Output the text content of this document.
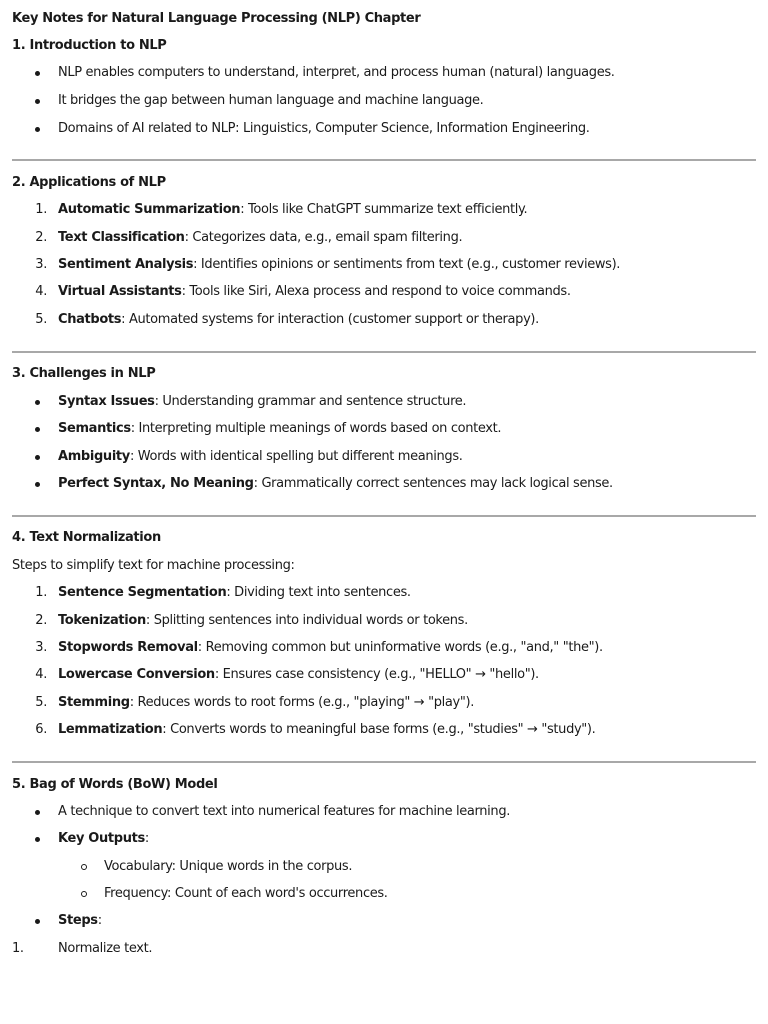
Key Notes for Natural Language Processing (NLP) Chapter
1. Introduction to NLP
NLP enables computers to understand, interpret, and process human (natural) languages.
It bridges the gap between human language and machine language.
Domains of AI related to NLP: Linguistics, Computer Science, Information Engineering.
2. Applications of NLP
1. Automatic Summarization: Tools like ChatGPT summarize text efficiently.
2. Text Classification: Categorizes data, e.g., email spam filtering.
3. Sentiment Analysis: Identifies opinions or sentiments from text (e.g., customer reviews).
4. Virtual Assistants: Tools like Siri, Alexa process and respond to voice commands.
5. Chatbots: Automated systems for interaction (customer support or therapy).
3. Challenges in NLP
Syntax Issues: Understanding grammar and sentence structure.
Semantics: Interpreting multiple meanings of words based on context.
Ambiguity: Words with identical spelling but different meanings.
Perfect Syntax, No Meaning: Grammatically correct sentences may lack logical sense.
4. Text Normalization
Steps to simplify text for machine processing:
1. Sentence Segmentation: Dividing text into sentences.
2. Tokenization: Splitting sentences into individual words or tokens.
3. Stopwords Removal: Removing common but uninformative words (e.g., "and," "the").
4. Lowercase Conversion: Ensures case consistency (e.g., "HELLO" → "hello").
5. Stemming: Reduces words to root forms (e.g., "playing" → "play").
6. Lemmatization: Converts words to meaningful base forms (e.g., "studies" → "study").
5. Bag of Words (BoW) Model
A technique to convert text into numerical features for machine learning.
Key Outputs:
Vocabulary: Unique words in the corpus.
Frequency: Count of each word's occurrences.
Steps:
1.	Normalize text.
